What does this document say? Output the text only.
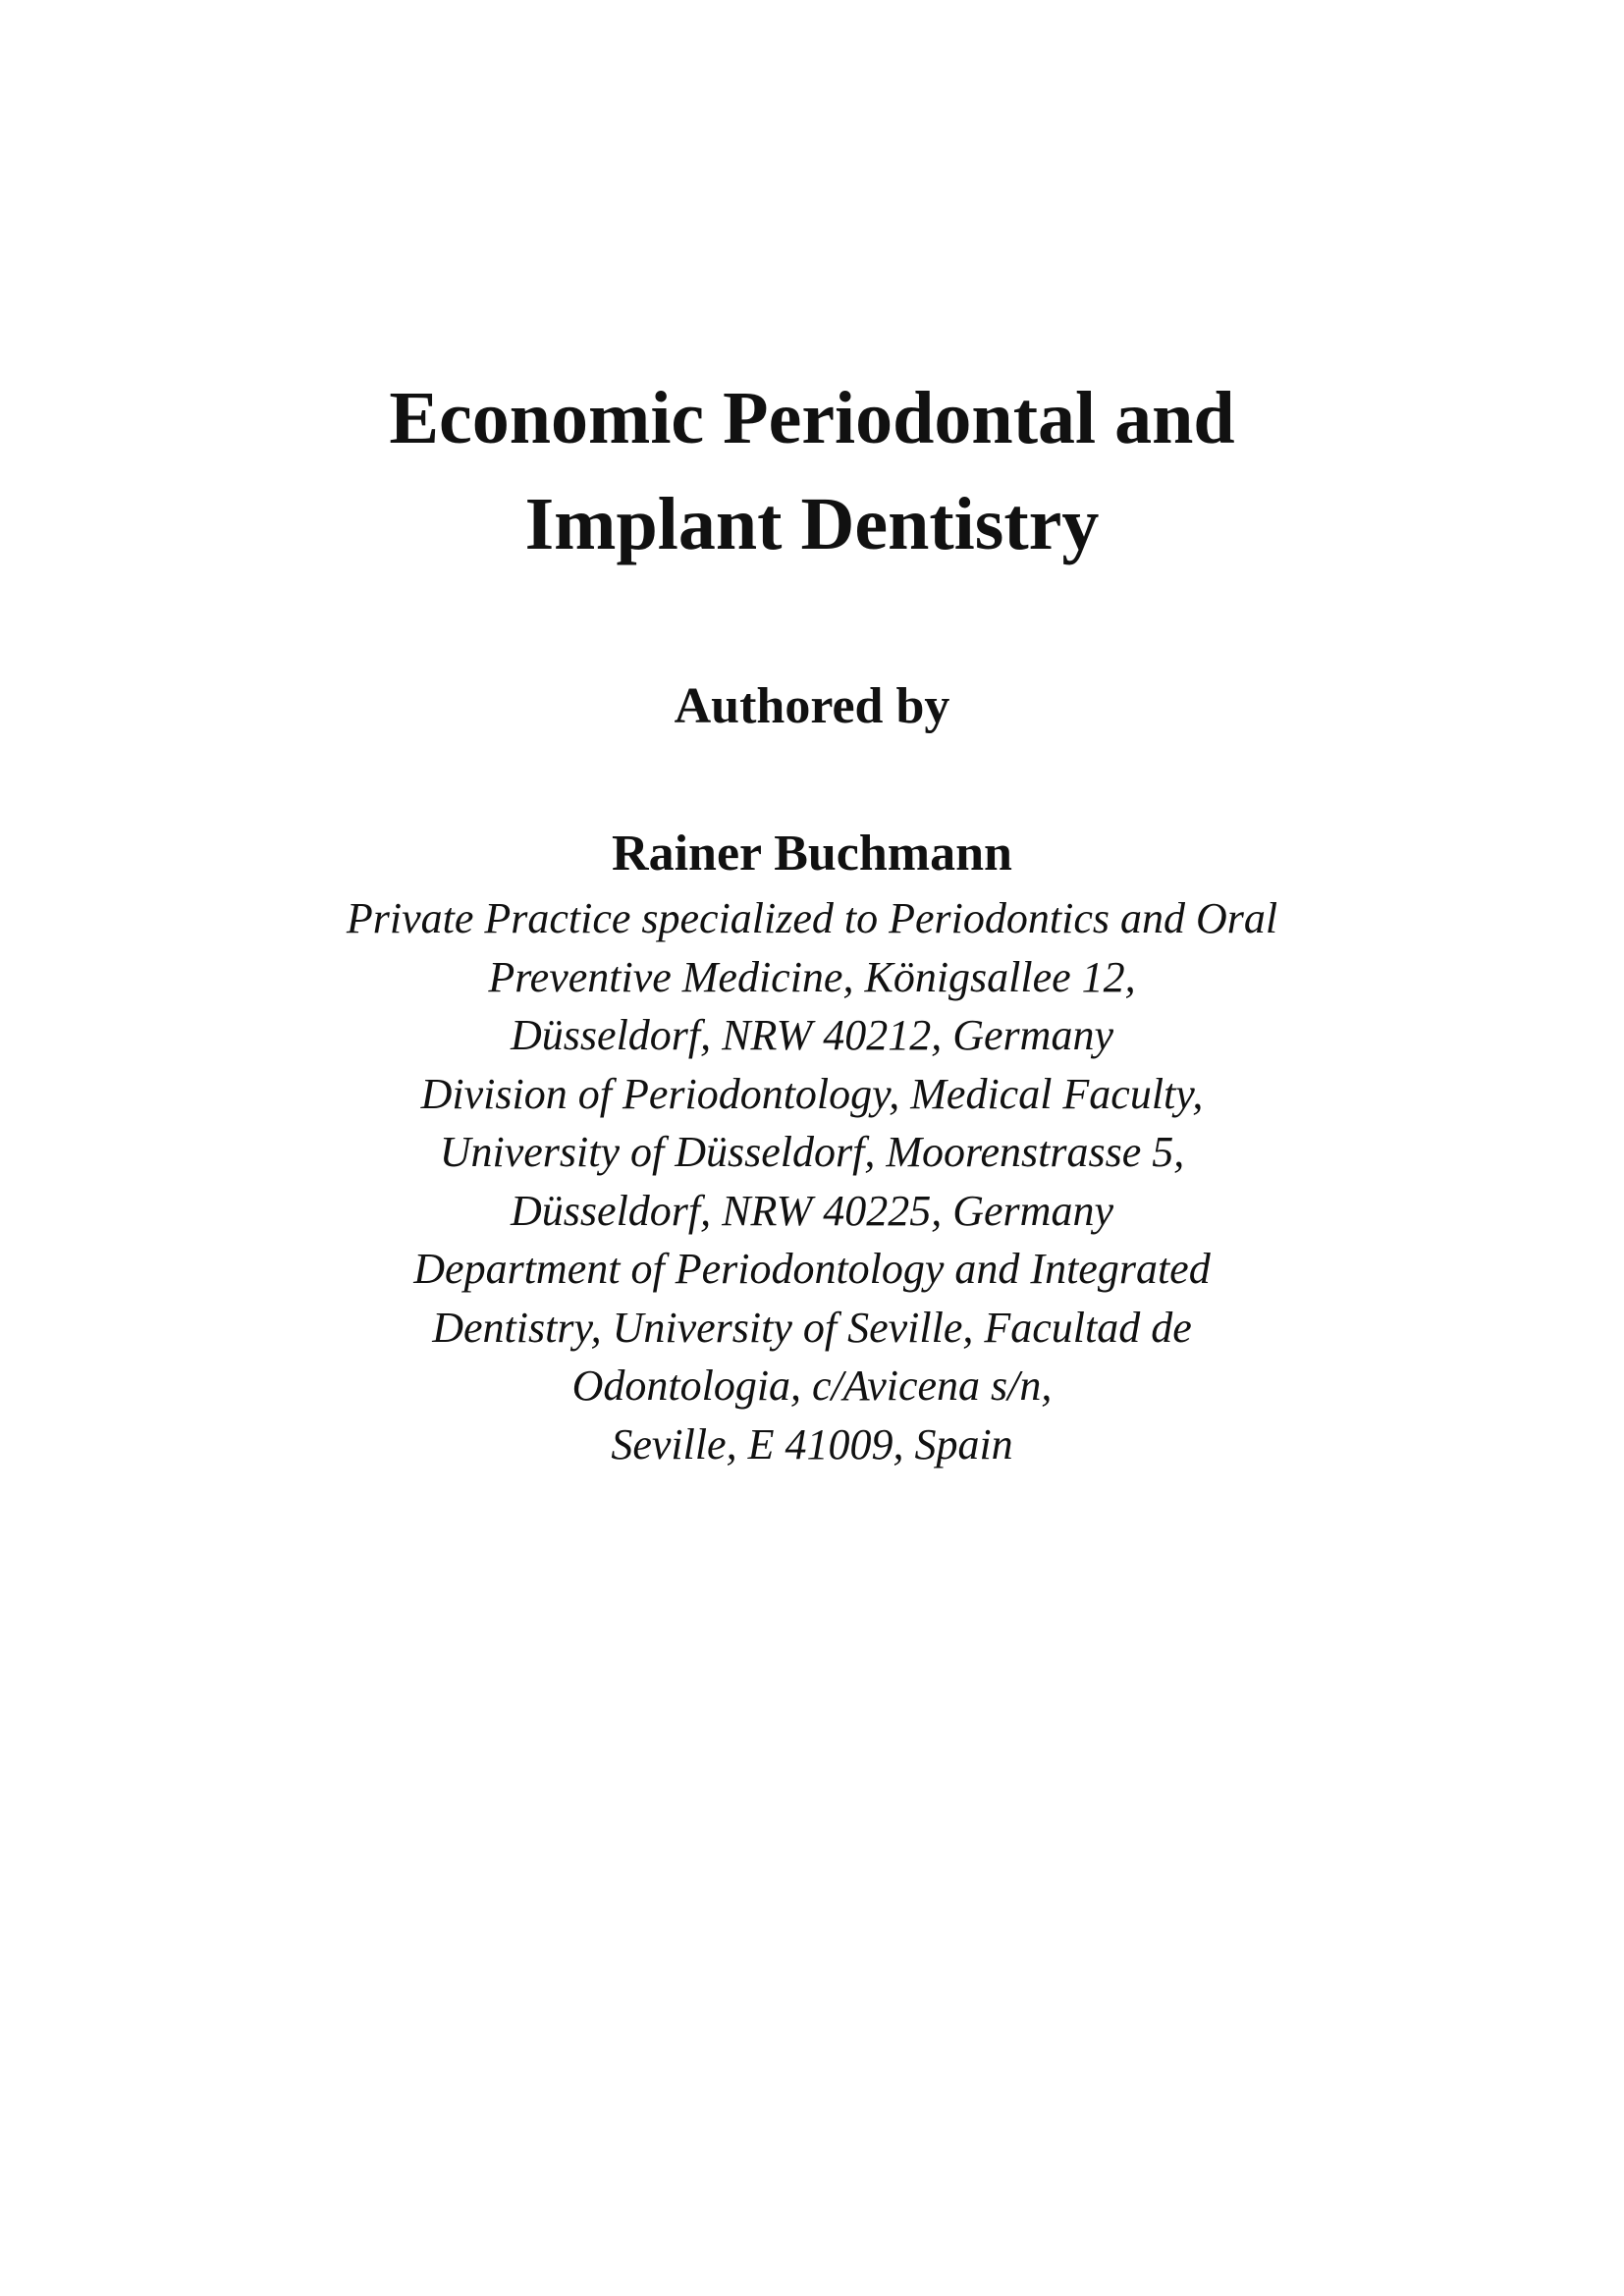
Economic Periodontal and

Implant Dentistry

Authored by

Rainer Buchmann

Private Practice specialized to Periodontics and Oral
Preventive Medicine, Königsallee 12,
Düsseldorf, NRW 40212, Germany
Division of Periodontology, Medical Faculty,
University of Düsseldorf, Moorenstrasse 5,
Düsseldorf, NRW 40225, Germany
Department of Periodontology and Integrated
Dentistry, University of Seville, Facultad de
Odontologia, c/Avicena s/n,
Seville, E 41009, Spain
